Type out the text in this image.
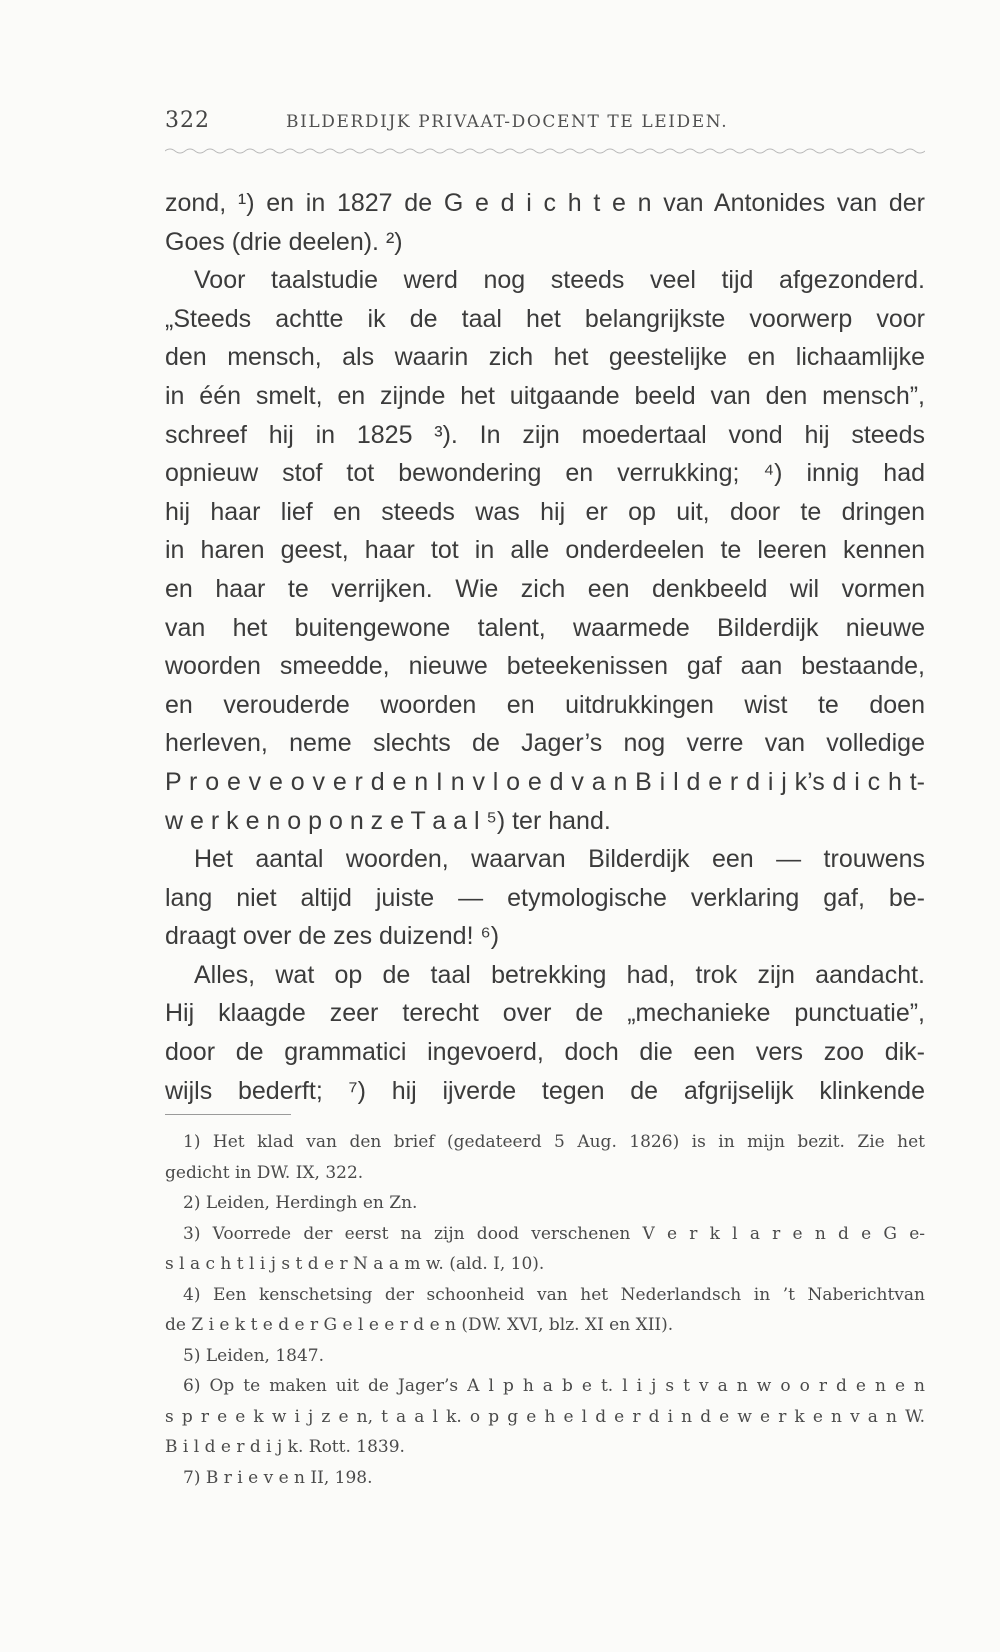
322	BILDERDIJK PRIVAAT-DOCENT TE LEIDEN.
zond, ¹) en in 1827 de G e d i c h t e n van Antonides van der
Goes (drie deelen). ²)
Voor taalstudie werd nog steeds veel tijd afgezonderd.
„Steeds achtte ik de taal het belangrijkste voorwerp voor
den mensch, als waarin zich het geestelijke en lichaamlijke
in één smelt, en zijnde het uitgaande beeld van den mensch”,
schreef hij in 1825 ³). In zijn moedertaal vond hij steeds
opnieuw stof tot bewondering en verrukking; ⁴) innig had
hij haar lief en steeds was hij er op uit, door te dringen
in haren geest, haar tot in alle onderdeelen te leeren kennen
en haar te verrijken. Wie zich een denkbeeld wil vormen
van het buitengewone talent, waarmede Bilderdijk nieuwe
woorden smeedde, nieuwe beteekenissen gaf aan bestaande,
en verouderde woorden en uitdrukkingen wist te doen
herleven, neme slechts de Jager’s nog verre van volledige
P r o e v e o v e r d e n I n v l o e d v a n B i l d e r d i j k’s d i c h t-
w e r k e n o p o n z e T a a l ⁵) ter hand.
Het aantal woorden, waarvan Bilderdijk een — trouwens
lang niet altijd juiste — etymologische verklaring gaf, be-
draagt over de zes duizend! ⁶)
Alles, wat op de taal betrekking had, trok zijn aandacht.
Hij klaagde zeer terecht over de „mechanieke punctuatie”,
door de grammatici ingevoerd, doch die een vers zoo dik-
wijls bederft; ⁷) hij ijverde tegen de afgrijselijk klinkende
1) Het klad van den brief (gedateerd 5 Aug. 1826) is in mijn bezit. Zie het
gedicht in DW. IX, 322.
2) Leiden, Herdingh en Zn.
3) Voorrede der eerst na zijn dood verschenen V e r k l a r e n d e G e-
s l a c h t l i j s t d e r N a a m w. (ald. I, 10).
4) Een kenschetsing der schoonheid van het Nederlandsch in ’t Naberichtvan
de Z i e k t e d e r G e l e e r d e n (DW. XVI, blz. XI en XII).
5) Leiden, 1847.
6) Op te maken uit de Jager’s A l p h a b e t. l i j s t v a n w o o r d e n e n
s p r e e k w i j z e n, t a a l k. o p g e h e l d e r d i n d e w e r k e n v a n W.
B i l d e r d i j k. Rott. 1839.
7) B r i e v e n II, 198.
